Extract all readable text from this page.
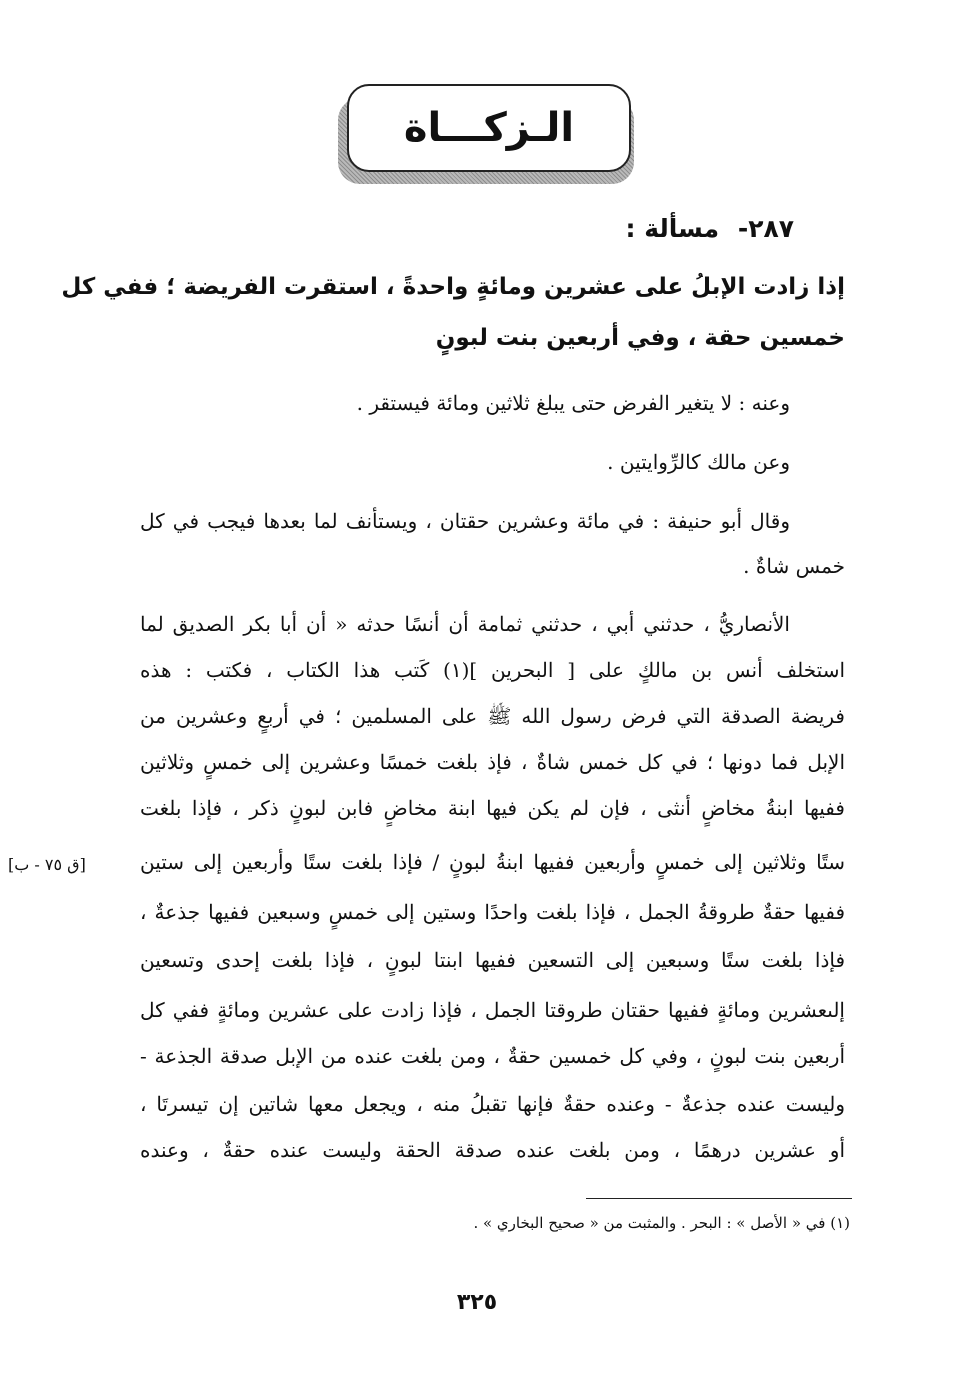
الـزكـــاة
٢٨٧- مسألة :
إذا زادت الإبلُ على عشرين ومائةٍ واحدةً ، استقرت الفريضة ؛ ففي كل
خمسين حقة ، وفي أربعين بنت لبونٍ
وعنه : لا يتغير الفرض حتى يبلغ ثلاثين ومائة فيستقر .
وعن مالك كالرِّوايتين .
وقال أبو حنيفة : في مائة وعشرين حقتان ، ويستأنف لما بعدها فيجب في كل
خمس شاةٌ .
الأنصاريُّ ، حدثني أبي ، حدثني ثمامة أن أنسًا حدثه « أن أبا بكر الصديق لما
استخلف أنس بن مالكٍ على [ البحرين ](١) كَتب هذا الكتاب ، فكتب : هذه
فريضة الصدقة التي فرض رسول الله ﷺ على المسلمين ؛ في أربعٍ وعشرين من
الإبل فما دونها ؛ في كل خمس شاةٌ ، فإذ بلغت خمسًا وعشرين إلى خمسٍ وثلاثين
ففيها ابنةُ مخاضٍ أنثى ، فإن لم يكن فيها ابنة مخاضٍ فابن لبونٍ ذكر ، فإذا بلغت
ستًا وثلاثين إلى خمسٍ وأربعين ففيها ابنةُ لبونٍ / فإذا بلغت ستًا وأربعين إلى ستين
ففيها حقةٌ طروقةُ الجمل ، فإذا بلغت واحدًا وستين إلى خمسٍ وسبعين ففيها جذعةٌ ،
فإذا بلغت ستًا وسبعين إلى التسعين ففيها ابنتا لبونٍ ، فإذا بلغت إحدى وتسعين
إلىعشرين ومائةٍ ففيها حقتان طروقتا الجمل ، فإذا زادت على عشرين ومائةٍ ففي كل
أربعين بنت لبونٍ ، وفي كل خمسين حقةٌ ، ومن بلغت عنده من الإبل صدقة الجذعة -
وليست عنده جذعةٌ - وعنده حقةٌ فإنها تقبلُ منه ، ويجعل معها شاتين إن تيسرتَا ،
أو عشرين درهمًا ، ومن بلغت عنده صدقة الحقة وليست عنده حقةٌ ، وعنده
[ق ٧٥ - ب]
(١) في « الأصل » : البحر . والمثبت من « صحيح البخاري » .
٣٢٥
